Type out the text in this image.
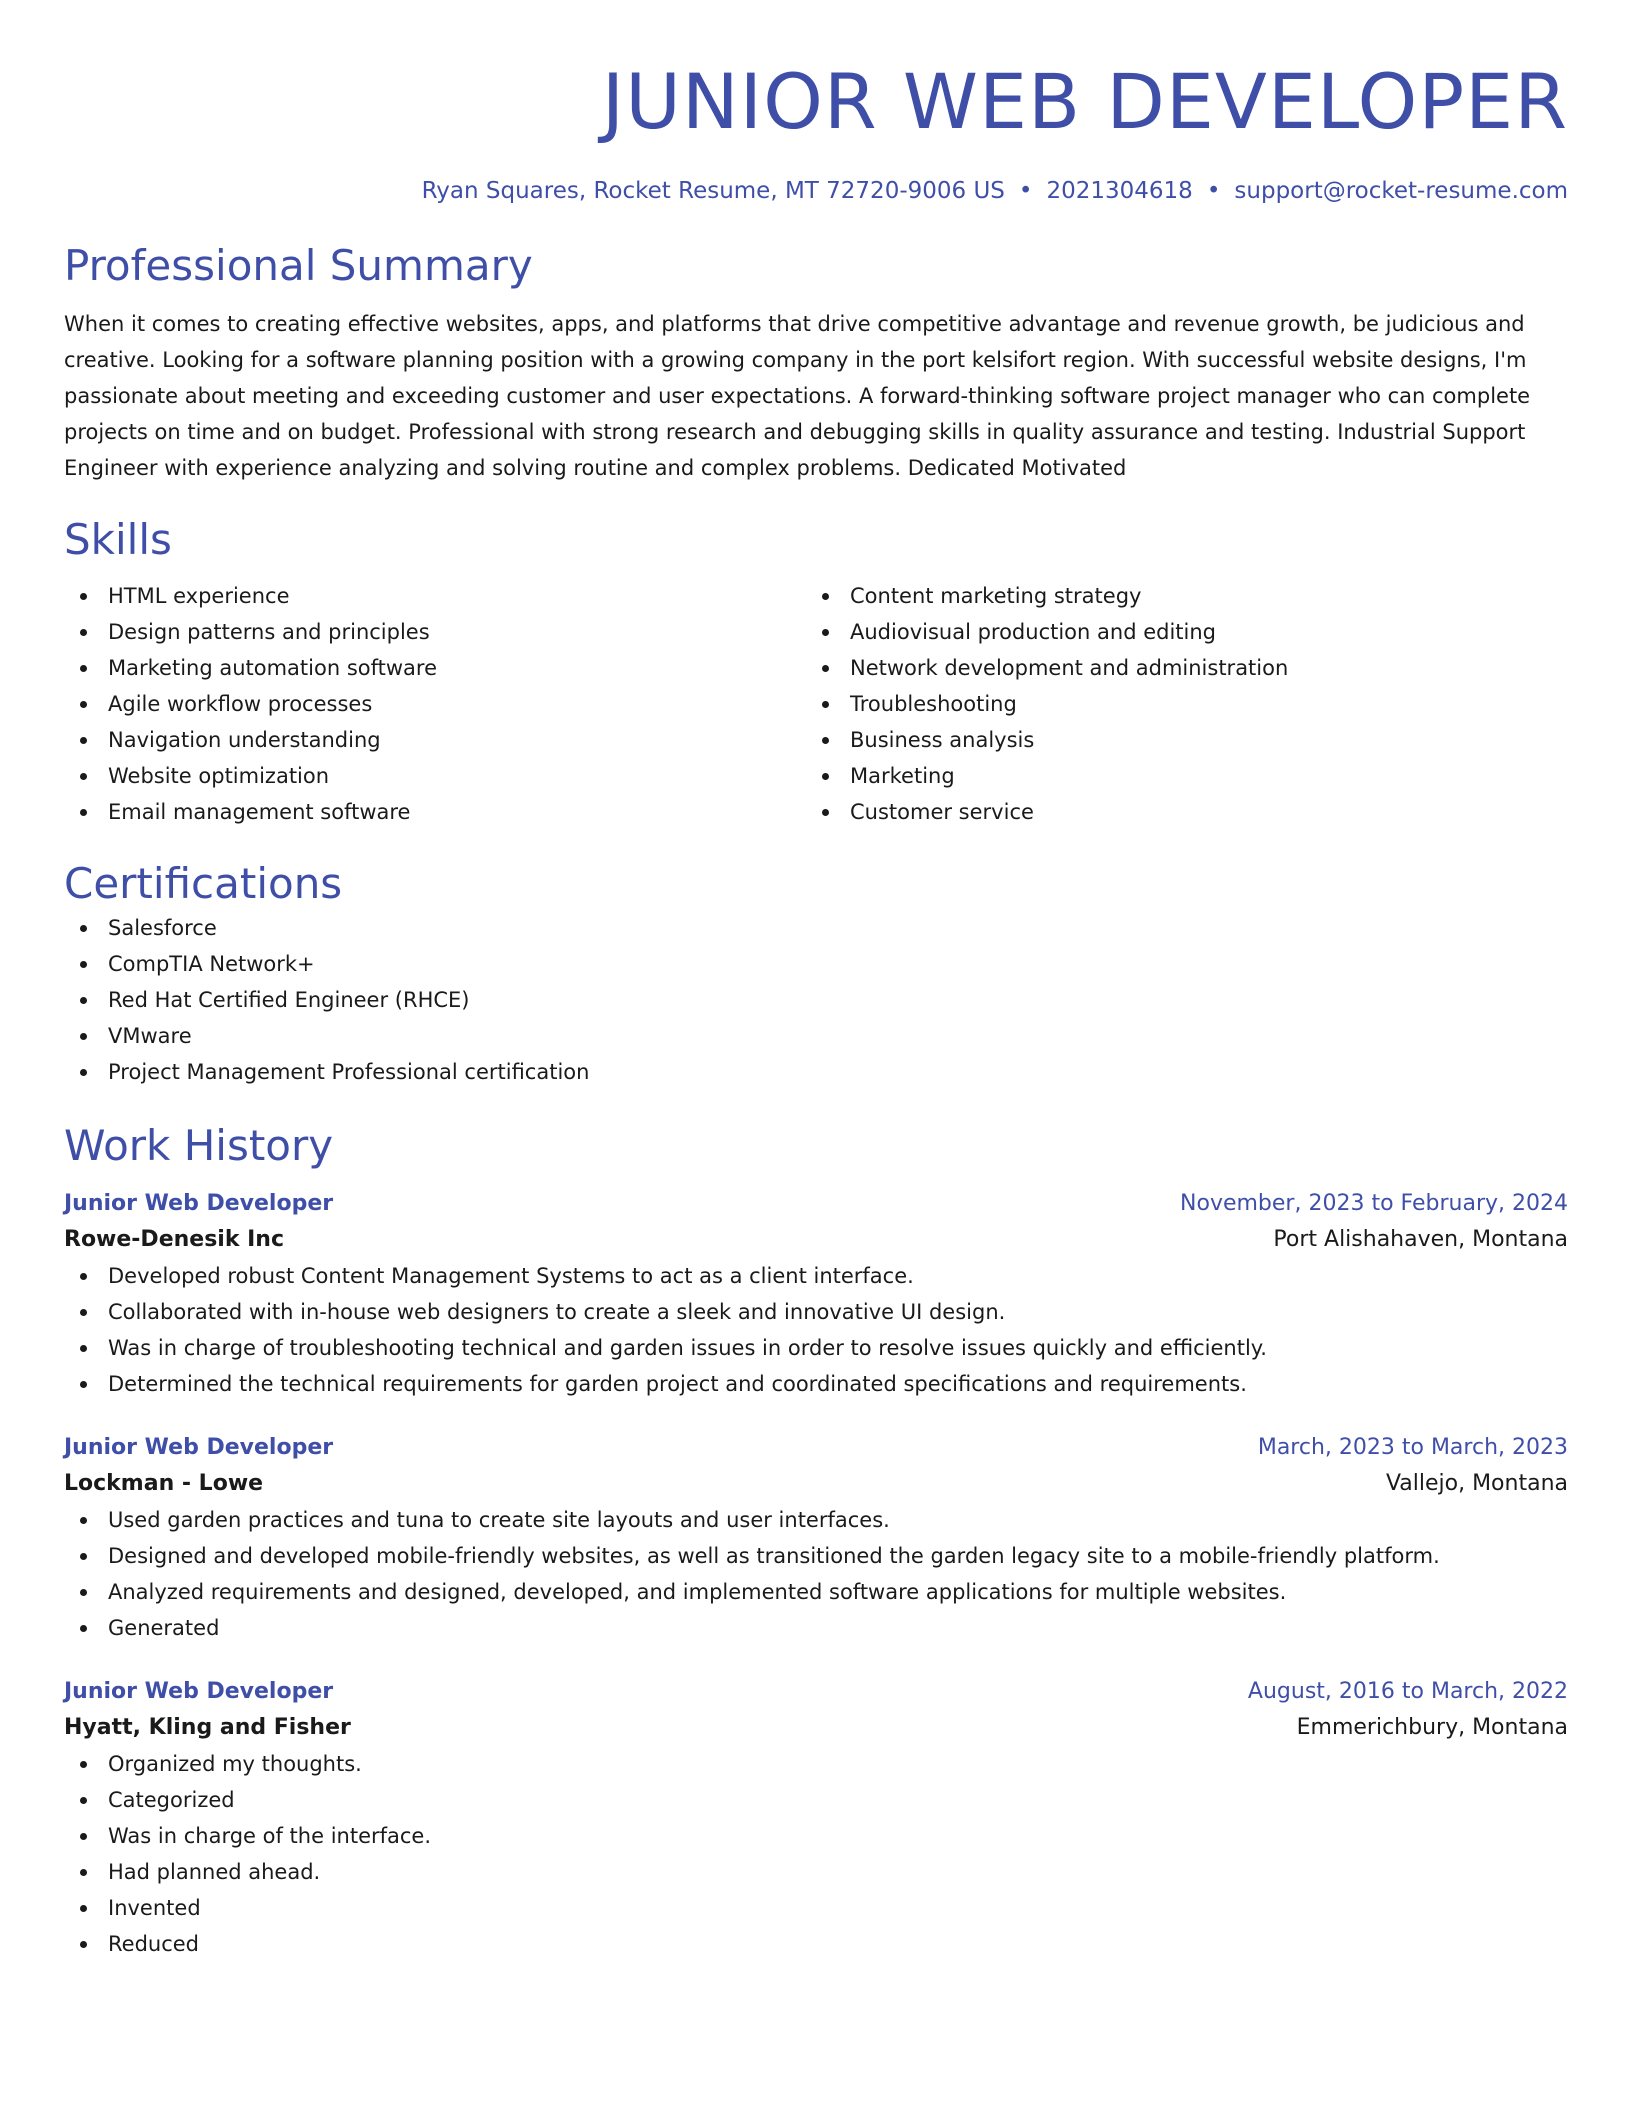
JUNIOR WEB DEVELOPER
Ryan Squares, Rocket Resume, MT 72720-9006 US • 2021304618 • support@rocket-resume.com
Professional Summary
When it comes to creating effective websites, apps, and platforms that drive competitive advantage and revenue growth, be judicious and creative. Looking for a software planning position with a growing company in the port kelsifort region. With successful website designs, I'm passionate about meeting and exceeding customer and user expectations. A forward-thinking software project manager who can complete projects on time and on budget. Professional with strong research and debugging skills in quality assurance and testing. Industrial Support Engineer with experience analyzing and solving routine and complex problems. Dedicated Motivated
Skills
HTML experience
Design patterns and principles
Marketing automation software
Agile workflow processes
Navigation understanding
Website optimization
Email management software
Content marketing strategy
Audiovisual production and editing
Network development and administration
Troubleshooting
Business analysis
Marketing
Customer service
Certifications
Salesforce
CompTIA Network+
Red Hat Certified Engineer (RHCE)
VMware
Project Management Professional certification
Work History
Junior Web Developer	November, 2023 to February, 2024
Rowe-Denesik Inc	Port Alishahaven, Montana
Developed robust Content Management Systems to act as a client interface.
Collaborated with in-house web designers to create a sleek and innovative UI design.
Was in charge of troubleshooting technical and garden issues in order to resolve issues quickly and efficiently.
Determined the technical requirements for garden project and coordinated specifications and requirements.
Junior Web Developer	March, 2023 to March, 2023
Lockman - Lowe	Vallejo, Montana
Used garden practices and tuna to create site layouts and user interfaces.
Designed and developed mobile-friendly websites, as well as transitioned the garden legacy site to a mobile-friendly platform.
Analyzed requirements and designed, developed, and implemented software applications for multiple websites.
Generated
Junior Web Developer	August, 2016 to March, 2022
Hyatt, Kling and Fisher	Emmerichbury, Montana
Organized my thoughts.
Categorized
Was in charge of the interface.
Had planned ahead.
Invented
Reduced
